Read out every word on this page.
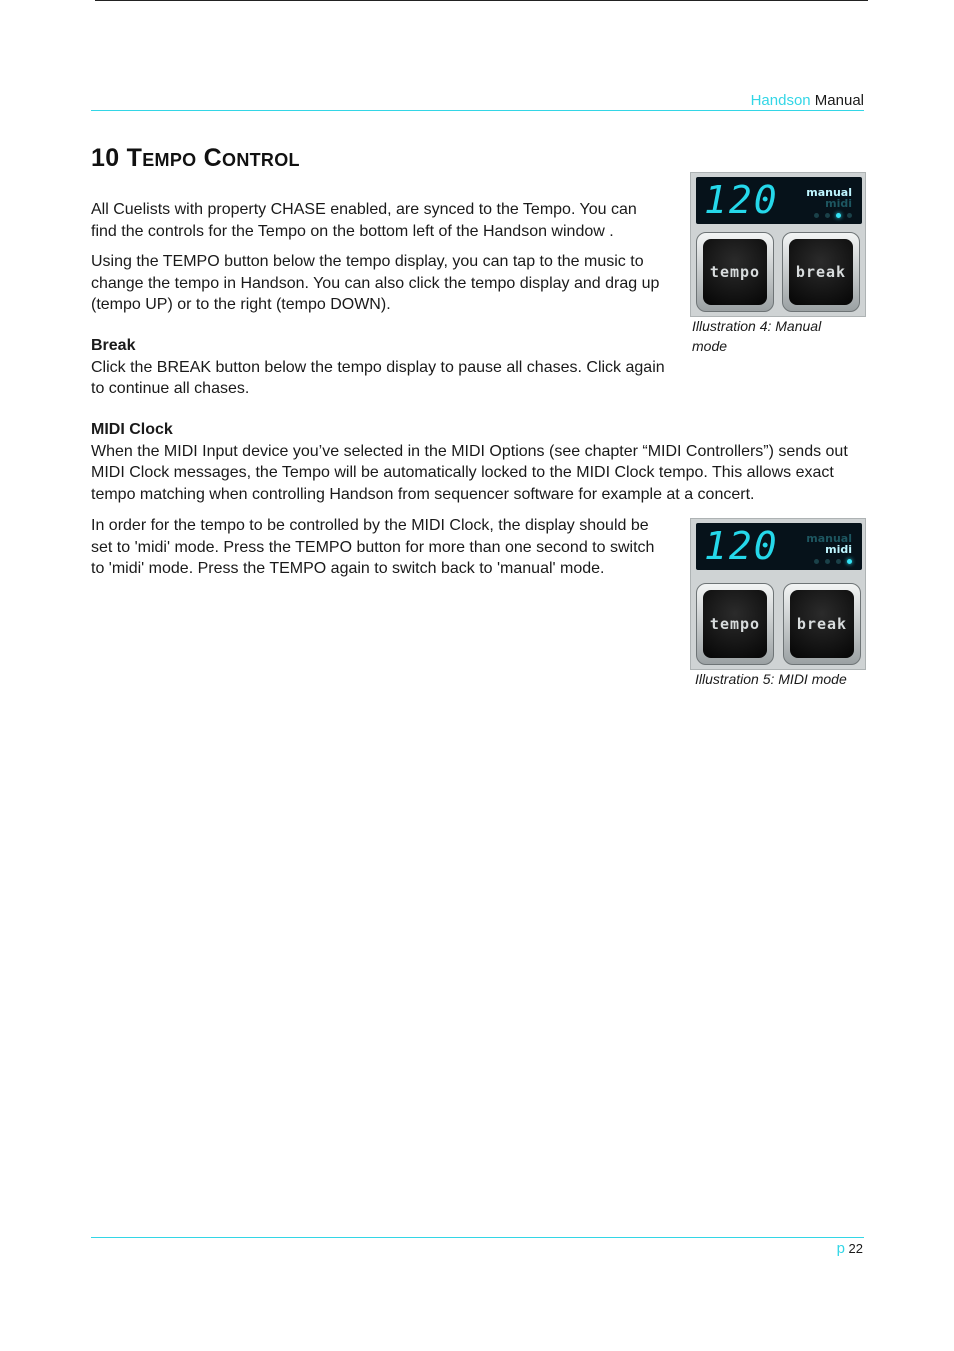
Handson Manual
10 Tempo Control

All Cuelists with property CHASE enabled, are synced to the Tempo. You can find the controls for the Tempo on the bottom left of the Handson window .

Using the TEMPO button below the tempo display, you can tap to the music to change the tempo in Handson. You can also click the tempo display and drag up (tempo UP) or to the right (tempo DOWN).

Break
Click the BREAK button below the tempo display to pause all chases. Click again to continue all chases.
MIDI Clock
When the MIDI Input device you’ve selected in the MIDI Options (see chapter “MIDI Controllers”) sends out MIDI Clock messages, the Tempo will be automatically locked to the MIDI Clock tempo. This allows exact tempo matching when controlling Handson from sequencer software for example at a concert.

In order for the tempo to be controlled by the MIDI Clock, the display should be set to 'midi' mode. Press the TEMPO button for more than one second to switch to 'midi' mode. Press the TEMPO again to switch back to 'manual' mode.

120	manual
midi
tempo break
Illustration 4: Manual mode
120	manual
midi
tempo break
Illustration 5: MIDI mode
p 22
